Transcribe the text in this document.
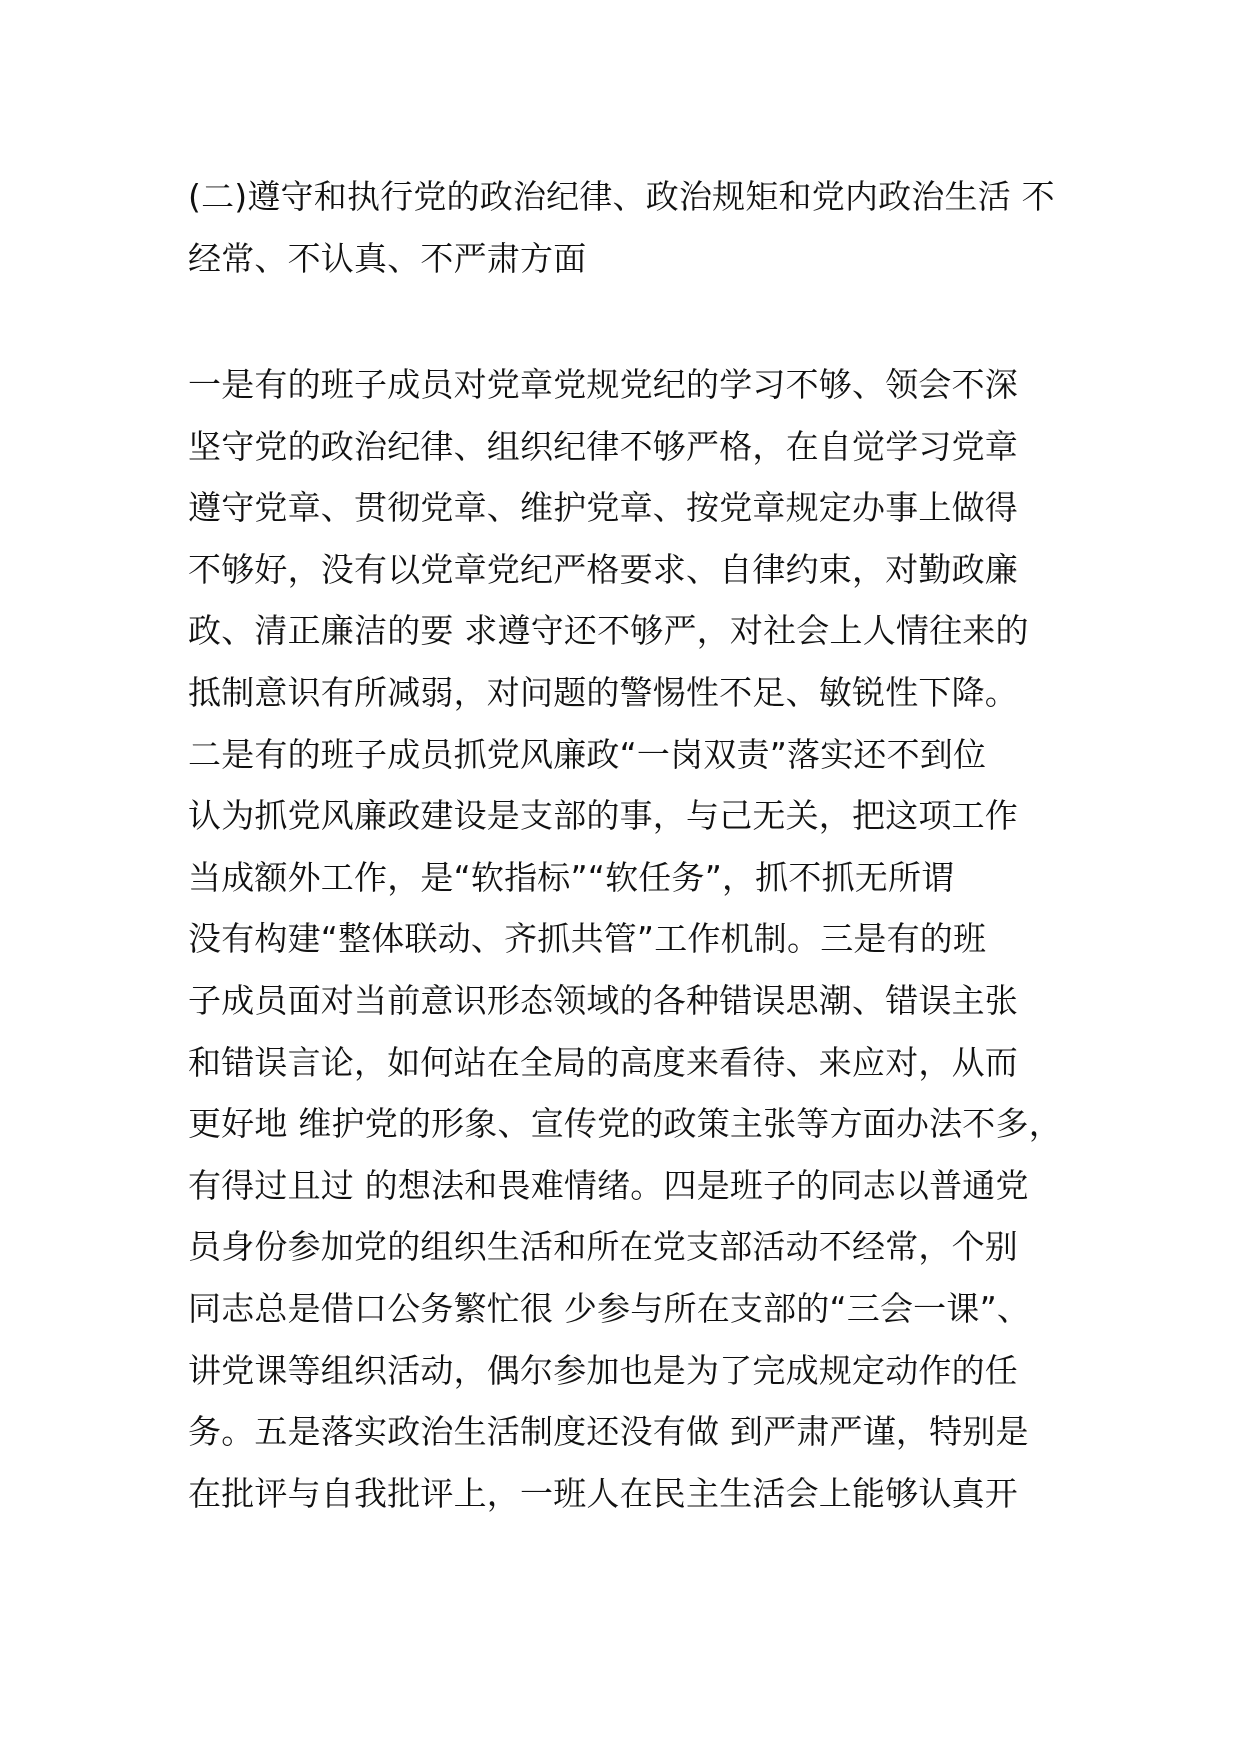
(二)遵守和执行党的政治纪律、政治规矩和党内政治生活 不
经常、不认真、不严肃方面
一是有的班子成员对党章党规党纪的学习不够、领会不深
坚守党的政治纪律、组织纪律不够严格，在自觉学习党章
遵守党章、贯彻党章、维护党章、按党章规定办事上做得
不够好，没有以党章党纪严格要求、自律约束，对勤政廉
政、清正廉洁的要 求遵守还不够严，对社会上人情往来的
抵制意识有所减弱，对问题的警惕性不足、敏锐性下降。
二是有的班子成员抓党风廉政“一岗双责”落实还不到位
认为抓党风廉政建设是支部的事，与己无关，把这项工作
当成额外工作，是“软指标”“软任务”，抓不抓无所谓
没有构建“整体联动、齐抓共管”工作机制。三是有的班
子成员面对当前意识形态领域的各种错误思潮、错误主张
和错误言论，如何站在全局的高度来看待、来应对，从而
更好地 维护党的形象、宣传党的政策主张等方面办法不多，
有得过且过 的想法和畏难情绪。四是班子的同志以普通党
员身份参加党的组织生活和所在党支部活动不经常，个别
同志总是借口公务繁忙很 少参与所在支部的“三会一课”、
讲党课等组织活动，偶尔参加也是为了完成规定动作的任
务。五是落实政治生活制度还没有做 到严肃严谨，特别是
在批评与自我批评上，一班人在民主生活会上能够认真开
